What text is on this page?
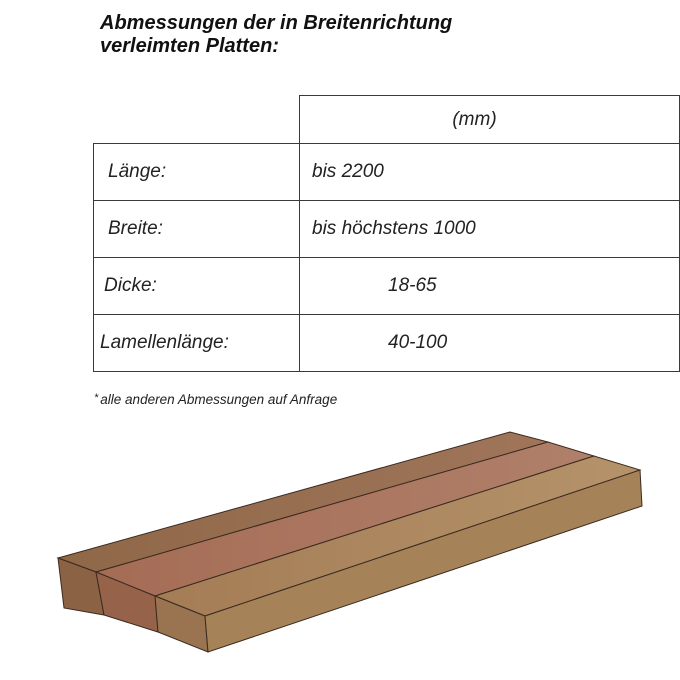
Abmessungen der in Breitenrichtung
verleimten Platten:
	(mm)
Länge:	bis 2200
Breite:	bis höchstens 1000
Dicke:	18-65
Lamellenlänge:	40-100
* alle anderen Abmessungen auf Anfrage
